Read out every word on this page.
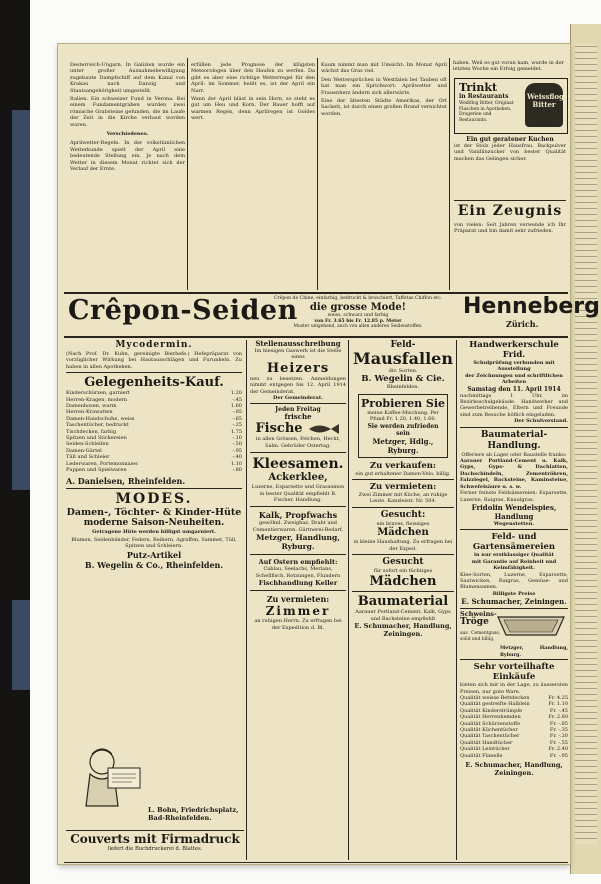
Desterreich-Ungarn. In Galizien wurde ein unter großer Ausnahmebewilligung zugebaute Dampfschiff auf dem Kanal von Krakau nach Danzig und Staatsangehörigkeit umgestellt.
Italien. Ein schweizer Fund in Verona. Bei einem Fundamentgraben wurden zwei römische Grabsteine gefunden, die im Laufe der Zeit in die Kirche verbaut worden waren.
Verschiedenes.
Aprilwetter-Regeln. In der volkstümlichen Wetterkunde spielt der April eine bedeutende Stellung ein. Je nach dem Wetter in diesem Monat richtet sich der Verlauf der Ernte.
erfüllen jede Prognose der klügsten Meteorologen über den Haufen zu werfen. Da gibt es aber eine richtige Wetterregel für den April: im Sommer, heißt es, ist der April ein Narr.
Wann der April bläst in sein Horn, so steht es gut um Heu und Korn. Der Bauer hofft auf warmen Regen, denn Aprilregen ist Goldes wert.
Kaum nimmt man mit Umsicht: Im Monat April wächst das Gras viel.
Den Wettersprüchen in Westfalen bei Tauben oft hat man ein Sprichwort: Aprilwetter und Frauenherz ändern sich allerwärts.
Eine der ältesten Städte Amerikas, der Ort Sackett, ist durch einen großen Brand vernichtet worden.
haben. Weil es gut voran kam, wurde in der letzten Woche ein Erfolg gemeldet.
Trinkt
in Restaurants
Weißflog Bitter, Original-Flaschen in Apotheken, Drogerien und Restaurants.
Weissflog Bitter
Ein gut geratener Kuchen
ist der Stolz jeder Hausfrau. Backpulver und Vanillinzucker von bester Qualität machen das Gelingen sicher.
Ein Zeugnis
von vielen: Seit Jahren verwende ich Ihr Präparat und bin damit sehr zufrieden.
Crêpon-Seiden
Crêpon de Chine, einfarbig, bedruckt & broschiert, Taffetas Chiffon etc.
die grosse Mode!
weiss, schwarz und farbig
von Fr. 3.65 bis Fr. 12.85 p. Meter
Muster umgehend, auch von allen anderen Seidenstoffen.
Henneberg
Zürich.
Mycodermin.
(Nach Prof. Dr. Kuhn, gereinigte Bierhefe.) Hefepräparat von vorzüglicher Wirkung bei Hautausschlägen und Furunkeln. Zu haben in allen Apotheken.
Gelegenheits-Kauf.
Kinderschürzen, garniert	1.20
Herren-Kragen, modern	-.45
Damenhosen, warm	1.60
Herren-Krawatten	-.85
Damen-Handschuhe, weiss	-.65
Taschentücher, bedruckt	-.25
Tischdecken, farbig	1.75
Spitzen und Stickereien	-.10
Seiden-Schleifen	-.50
Damen-Gürtel	-.95
Tüll und Schleier	-.40
Lederwaren, Portemonnaies	1.10
Puppen und Spielwaren	-.80
A. Danielsen, Rheinfelden.
MODES.
Damen-, Töchter- & Kinder-Hüte
moderne Saison-Neuheiten.
Getragene Hüte werden billigst umgarniert.
Blumen, Seidenbänder, Federn, Reihern, Agraffen, Sammet, Tüll, Spitzen und Schleiern.
Putz-Artikel
B. Wegelin & Co., Rheinfelden.
L. Bohn, Friedrichsplatz,
Bad-Rheinfelden.
Couverts mit Firmadruck
liefert die Buchdruckerei d. Blattes.
Stellenausschreibung
Im hiesigen Gaswerk ist die Stelle eines
Heizers
neu zu besetzen. Anmeldungen nimmt entgegen bis 12. April 1914 der Gemeinderat.
Der Gemeinderat.
Jeden Freitag
frische
Fische
in allen Grössen, Felchen, Hecht, Salm. Gebrüder Ostertag.
Kleesamen.
Ackerklee,
Luzerne, Esparsette und Grassamen in bester Qualität empfiehlt B. Fischer, Handlung.
Kalk, Propfwachs
gewöhnl. Zweighaz, Draht und Cementierwaren. Gärtnerei-Bedarf.
Metzger, Handlung, Ryburg.
Auf Ostern empfiehlt:
Cablau, Seelachs, Merlans, Schellfisch, Rotzungen, Flundern
Fischhandlung Keller
Zu vermieten:
Zimmer
an ruhigen Herrn. Zu erfragen bei der Expedition d. Bl.
Feld-
Mausfallen
div. Sorten.
B. Wegelin & Cie.
Rheinfelden.
Probieren Sie
meine Kaffee-Mischung. Per Pfund Fr. 1.20, 1.40, 1.60.
Sie werden zufrieden sein
Metzger, Hdlg., Ryburg.
Zu verkaufen:
ein gut erhaltener Damen-Velo, billig.
Zu vermieten:
Zwei Zimmer mit Küche, an ruhige Leute. Kanzleistr. Nr. 504.
Gesucht:
ein braves, fleissiges
Mädchen
in kleine Haushaltung. Zu erfragen bei der Exped.
Gesucht
für sofort ein tüchtiges
Mädchen
Baumaterial
Aarauer Portland-Cement, Kalk, Gyps und Backsteine empfiehlt
E. Schumacher, Handlung, Zeiningen.
Handwerkerschule Frid.
Schulprüfung verbunden mit Ausstellung
der Zeichnungen und schriftlichen Arbeiten
Samstag den 11. April 1914
nachmittags 1 Uhr, im Bezirksschulgebäude. Handwerker und Gewerbetreibende, Eltern und Freunde sind zum Besuche höflich eingeladen.
Der Schulvorstand.
Baumaterial-Handlung.
Offeriere ab Lager oder Baustelle franko:
Aarauer Portland-Cement u. Kalk, Gyps, Gyps- & Dachlatten, Dachschindeln, Zementröhren, Falzziegel, Backsteine, Kaminsteine, Schwefelsäure u. s. w.
Ferner feinste Feldsämereien: Esparsette, Luzerne, Raigras, Knaulgras.
Fridolin Wendelspies, Handlung
Wegenstetten.
Feld- und Gartensämereien
in nur erstklassiger Qualität
mit Garantie auf Reinheit und Keimfähigkeit.
Klee-Sorten, Luzerne, Esparsette, Saatwicken, Raigras, Gemüse- und Blumensamen.
Billigste Preise
E. Schumacher, Zeiningen.
Schweins-
Tröge
aus Cementguss, solid und billig.
Metzger, Handlung, Ryburg.
Sehr vorteilhafte Einkäufe
bieten sich mir in der Lage, zu äussersten Preisen, nur gute Ware.
Qualität weisse Bettdecken	Fr. 4.25
Qualität gestreifte Halblein	Fr. 1.10
Qualität Kinderstrümpfe	Fr. -.45
Qualität Herrenhemden	Fr. 2.80
Qualität Schürzenstoffe	Fr. -.85
Qualität Küchentücher	Fr. -.35
Qualität Taschentücher	Fr. -.20
Qualität Handtücher	Fr. -.55
Qualität Leintücher	Fr. 2.40
Qualität Flanelle	Fr. -.95
E. Schumacher, Handlung, Zeiningen.
